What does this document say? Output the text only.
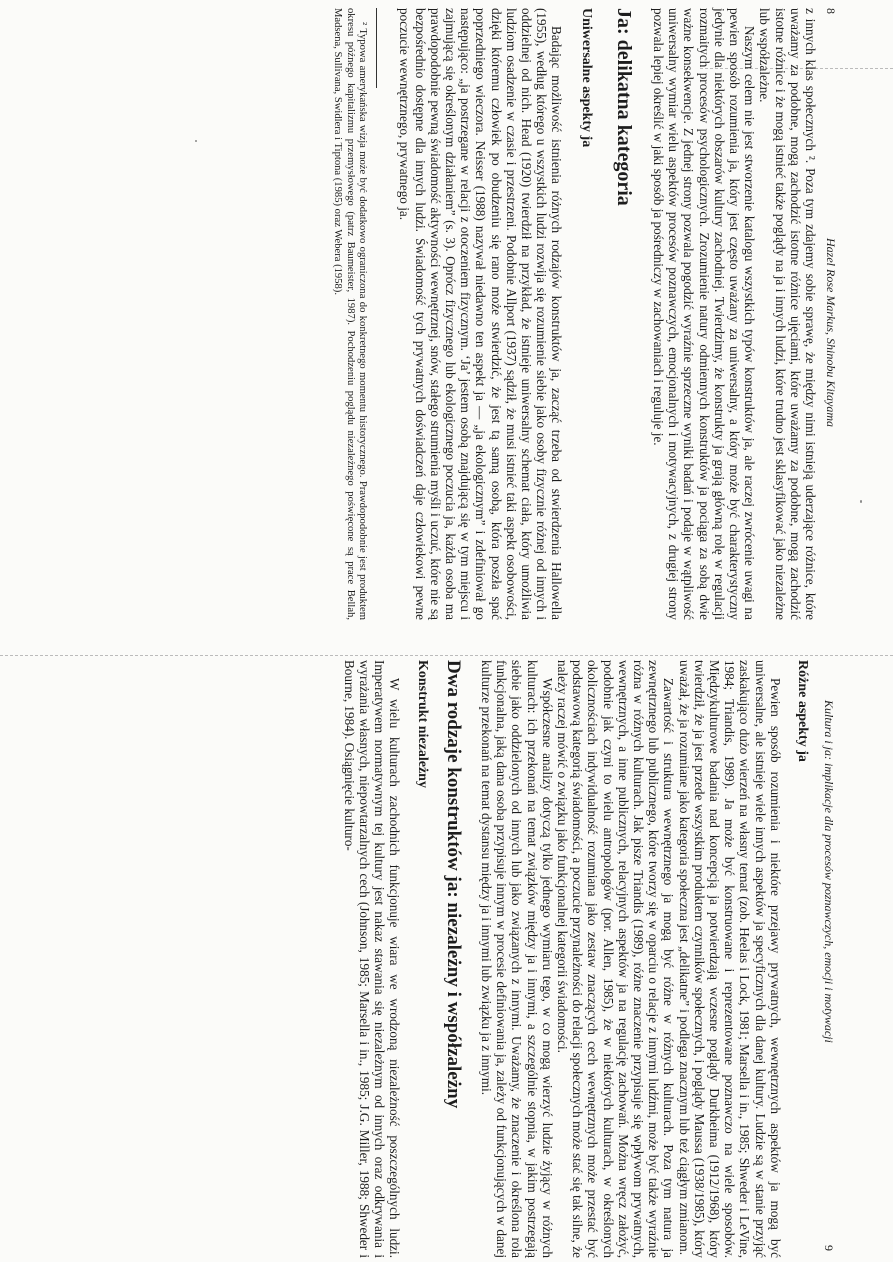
8
Hazel Rose Markus, Shinobu Kitayama

z innych klas społecznych ². Poza tym zdajemy sobie sprawę, że między nimi istnieją uderzające różnice, które uważamy za podobne, mogą zachodzić istotne różnice ujęciami, które uważamy za podobne, mogą zachodzić istotne różnice i że mogą istnieć także poglądy na ja i innych ludzi, które trudno jest sklasyfikować jako niezależne lub współzależne.

Naszym celem nie jest stworzenie katalogu wszystkich typów konstruktów ja, ale raczej zwrócenie uwagi na pewien sposób rozumienia ja, który jest często uważany za uniwersalny, a który może być charakterystyczny jedynie dla niektórych obszarów kultury zachodniej. Twierdzimy, że konstrukty ja grają główną rolę w regulacji rozmaitych procesów psychologicznych. Zrozumienie natury odmiennych konstruktów ja pociąga za sobą dwie ważne konsekwencje. Z jednej strony pozwala pogodzić wyraźnie sprzeczne wyniki badań i podaje w wątpliwość uniwersalny wymiar wielu aspektów procesów poznawczych, emocjonalnych i motywacyjnych, z drugiej strony pozwala lepiej określić w jaki sposób ja pośredniczy w zachowaniach i reguluje je.

Ja: delikatna kategoria
Uniwersalne aspekty ja

Badając możliwość istnienia różnych rodzajów konstruktów ja, zacząć trzeba od stwierdzenia Hallowella (1955), według którego u wszystkich ludzi rozwija się rozumienie siebie jako osoby fizycznie różnej od innych i oddzielnej od nich. Head (1920) twierdził na przykład, że istnieje uniwersalny schemat ciała, który umożliwia ludziom osadzenie w czasie i przestrzeni. Podobnie Allport (1937) sądził, że musi istnieć taki aspekt osobowości, dzięki któremu człowiek po obudzeniu się rano może stwierdzić, że jest tą samą osobą, która poszła spać poprzedniego wieczora. Neisser (1988) nazywał niedawno ten aspekt ja — „ja ekologicznym” i zdefiniował go następująco: „ja postrzegane w relacji z otoczeniem fizycznym. ‘Ja’ jestem osobą znajdującą się w tym miejscu i zajmującą się określonym działaniem” (s. 3). Oprócz fizycznego lub ekologicznego poczucia ja, każda osoba ma prawdopodobnie pewną świadomość aktywności wewnętrznej, snów, stałego strumienia myśli i uczuć, które nie są bezpośrednio dostępne dla innych ludzi. Świadomość tych prywatnych doświadczeń daje człowiekowi pewne poczucie wewnętrznego, prywatnego ja.

² Typowa amerykańska wizja może być dodatkowo ograniczona do konkretnego momentu historycznego. Prawdopodobnie jest produktem okresu późnego kapitalizmu przemysłowego (patrz Baumeister, 1987). Pochodzeniu poglądu niezależnego poświęcone są prace Bellah, Madsena, Sullivana, Swidlera i Tiptona (1985) oraz Webera (1958).

Kultura i ja: implikacje dla procesów poznawczych, emocji i motywacji
9
Różne aspekty ja

Pewien sposób rozumienia i niektóre przejawy prywatnych, wewnętrznych aspektów ja mogą być uniwersalne, ale istnieje wiele innych aspektów ja specyficznych dla danej kultury. Ludzie są w stanie przyjąć zaskakująco dużo wierzeń na własny temat (zob. Heelas i Lock, 1981; Marsella i in., 1985; Shweder i LeVine, 1984; Triandis, 1989). Ja może być konstruowane i reprezentowane poznawczo na wiele sposobów. Międzykulturowe badania nad koncepcją ja potwierdzają wczesne poglądy Durkheima (1912/1968), który twierdził, że ja jest przede wszystkim produktem czynników społecznych, i poglądy Maussa (1938/1985), który uważał, że ja rozumiane jako kategoria społeczna jest „delikatne” i podlega znacznym lub też ciągłym zmianom.

Zawartość i struktura wewnętrznego ja mogą być różne w różnych kulturach. Poza tym natura ja zewnętrznego lub publicznego, które tworzy się w oparciu o relacje z innymi ludźmi, może być także wyraźnie różna w różnych kulturach. Jak pisze Triandis (1989), różne znaczenie przypisuje się wpływom prywatnych, wewnętrznych, a inne publicznych, relacyjnych aspektów ja na regulację zachowań. Można wręcz założyć, podobnie jak czyni to wielu antropologów (por. Allen, 1985), że w niektórych kulturach, w określonych okolicznościach indywidualność rozumiana jako zestaw znaczących cech wewnętrznych może przestać być podstawową kategorią świadomości, a poczucie przynależności do relacji społecznych może stać się tak silne, że należy raczej mówić o związku jako funkcjonalnej kategorii świadomości.

Współczesne analizy dotyczą tylko jednego wymiaru tego, w co mogą wierzyć ludzie żyjący w różnych kulturach: ich przekonań na temat związków między ja i innymi, a szczególnie stopnia, w jakim postrzegają siebie jako oddzielonych od innych lub jako związanych z innymi. Uważamy, że znaczenie i określona rola funkcjonalna, jaką dana osoba przypisuje innym w procesie definiowania ja, zależy od funkcjonujących w danej kulturze przekonań na temat dystansu między ja i innymi lub związku ja z innymi.

Dwa rodzaje konstruktów ja: niezależny i współzależny
Konstrukt niezależny

W wielu kulturach zachodnich funkcjonuje wiara we wrodzoną niezależność poszczególnych ludzi. Imperatywem normatywnym tej kultury jest nakaz stawania się niezależnym od innych oraz odkrywania i wyrażania własnych, niepowtarzalnych cech (Johnson, 1985; Marsella i in., 1985; J.G. Miller, 1988; Shweder i Bourne, 1984). Osiągnięcie kulturo-
